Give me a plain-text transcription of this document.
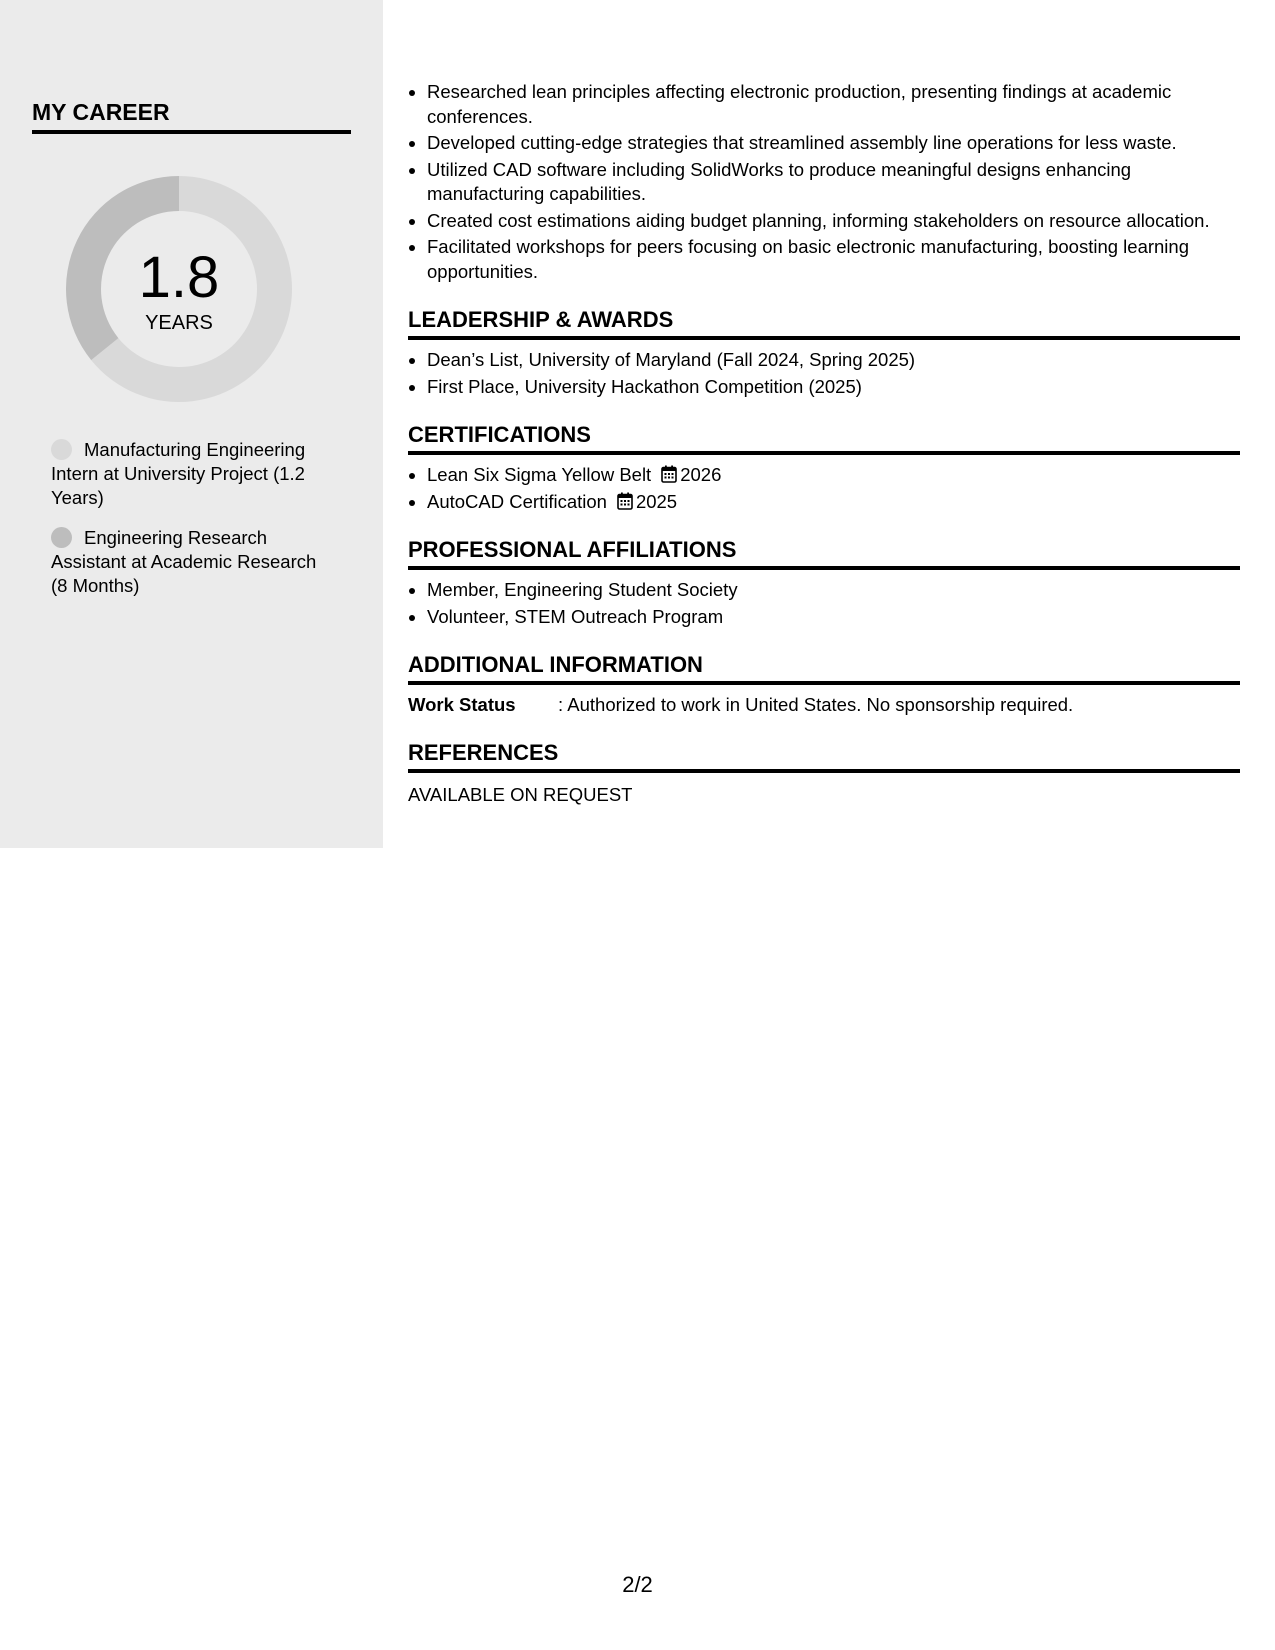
MY CAREER
1.8
YEARS
Manufacturing Engineering Intern at University Project (1.2 Years)
Engineering Research Assistant at Academic Research (8 Months)
• Researched lean principles affecting electronic production, presenting findings at academic conferences.
• Developed cutting-edge strategies that streamlined assembly line operations for less waste.
• Utilized CAD software including SolidWorks to produce meaningful designs enhancing manufacturing capabilities.
• Created cost estimations aiding budget planning, informing stakeholders on resource allocation.
• Facilitated workshops for peers focusing on basic electronic manufacturing, boosting learning opportunities.
LEADERSHIP & AWARDS
• Dean’s List, University of Maryland (Fall 2024, Spring 2025)
• First Place, University Hackathon Competition (2025)
CERTIFICATIONS
• Lean Six Sigma Yellow Belt 2026
• AutoCAD Certification 2025
PROFESSIONAL AFFILIATIONS
• Member, Engineering Student Society
• Volunteer, STEM Outreach Program
ADDITIONAL INFORMATION
Work Status : Authorized to work in United States. No sponsorship required.
REFERENCES
AVAILABLE ON REQUEST
2/2
